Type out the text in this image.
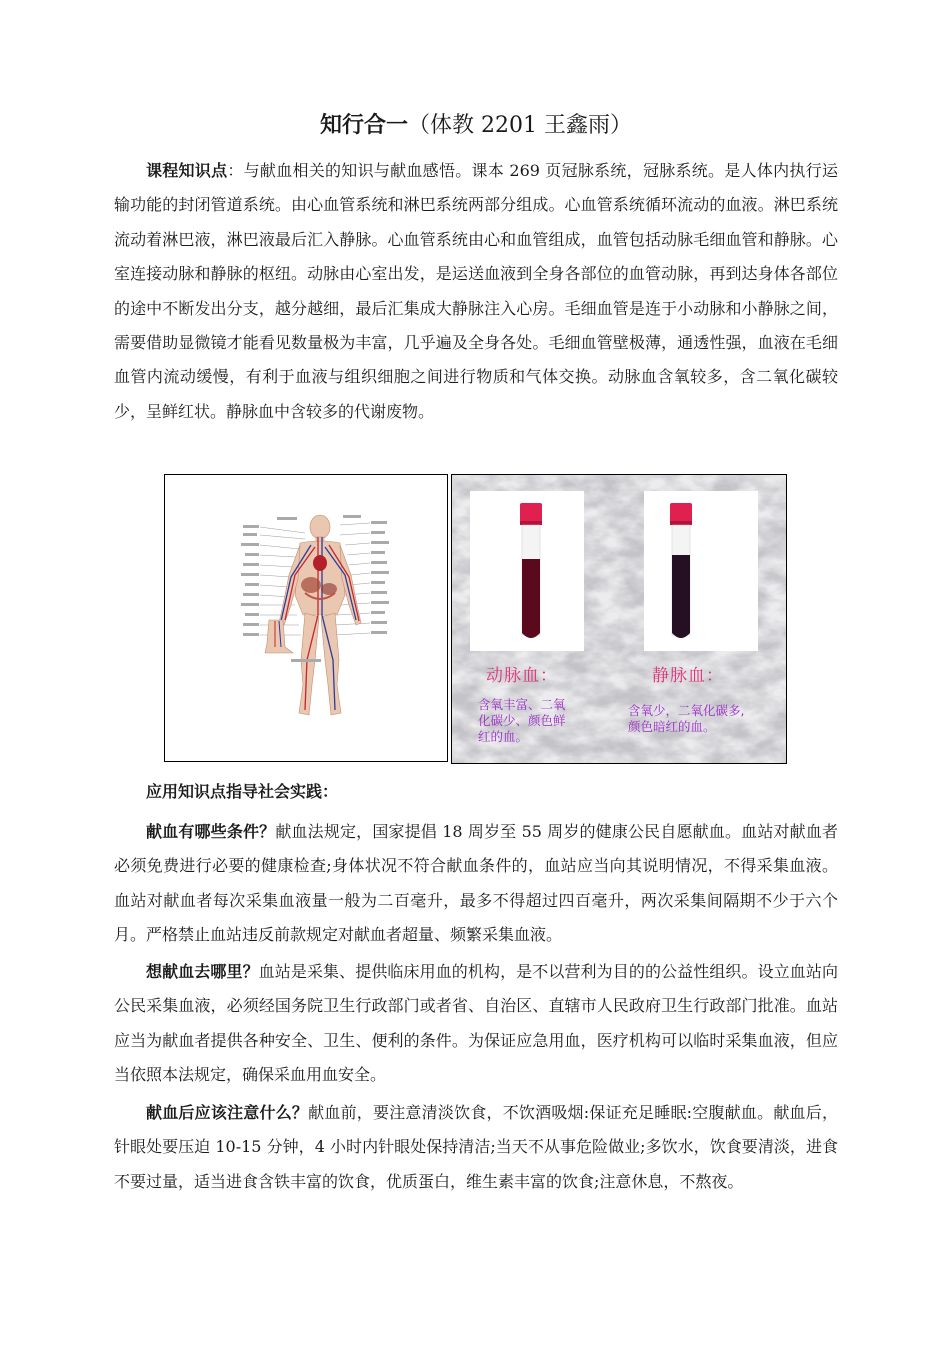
知行合一（体教 2201 王鑫雨）

课程知识点：与献血相关的知识与献血感悟。课本 269 页冠脉系统，冠脉系统。是人体内执行运输功能的封闭管道系统。由心血管系统和淋巴系统两部分组成。心血管系统循环流动的血液。淋巴系统流动着淋巴液，淋巴液最后汇入静脉。心血管系统由心和血管组成，血管包括动脉毛细血管和静脉。心室连接动脉和静脉的枢纽。动脉由心室出发，是运送血液到全身各部位的血管动脉，再到达身体各部位的途中不断发出分支，越分越细，最后汇集成大静脉注入心房。毛细血管是连于小动脉和小静脉之间，需要借助显微镜才能看见数量极为丰富，几乎遍及全身各处。毛细血管壁极薄，通透性强，血液在毛细血管内流动缓慢，有利于血液与组织细胞之间进行物质和气体交换。动脉血含氧较多，含二氧化碳较少，呈鲜红状。静脉血中含较多的代谢废物。

动脉血：	静脉血：
含氧丰富、二氧
化碳少、颜色鲜
红的血。
含氧少，二氧化碳多,
颜色暗红的血。

应用知识点指导社会实践：

献血有哪些条件？献血法规定，国家提倡 18 周岁至 55 周岁的健康公民自愿献血。血站对献血者必须免费进行必要的健康检查;身体状况不符合献血条件的，血站应当向其说明情况，不得采集血液。血站对献血者每次采集血液量一般为二百毫升，最多不得超过四百毫升，两次采集间隔期不少于六个月。严格禁止血站违反前款规定对献血者超量、频繁采集血液。

想献血去哪里？血站是采集、提供临床用血的机构，是不以营利为目的的公益性组织。设立血站向公民采集血液，必须经国务院卫生行政部门或者省、自治区、直辖市人民政府卫生行政部门批准。血站应当为献血者提供各种安全、卫生、便利的条件。为保证应急用血，医疗机构可以临时采集血液，但应当依照本法规定，确保采血用血安全。

献血后应该注意什么？献血前，要注意清淡饮食，不饮酒吸烟:保证充足睡眠:空腹献血。献血后，针眼处要压迫 10-15 分钟，4 小时内针眼处保持清洁;当天不从事危险做业;多饮水，饮食要清淡，进食不要过量，适当进食含铁丰富的饮食，优质蛋白，维生素丰富的饮食;注意休息，不熬夜。
